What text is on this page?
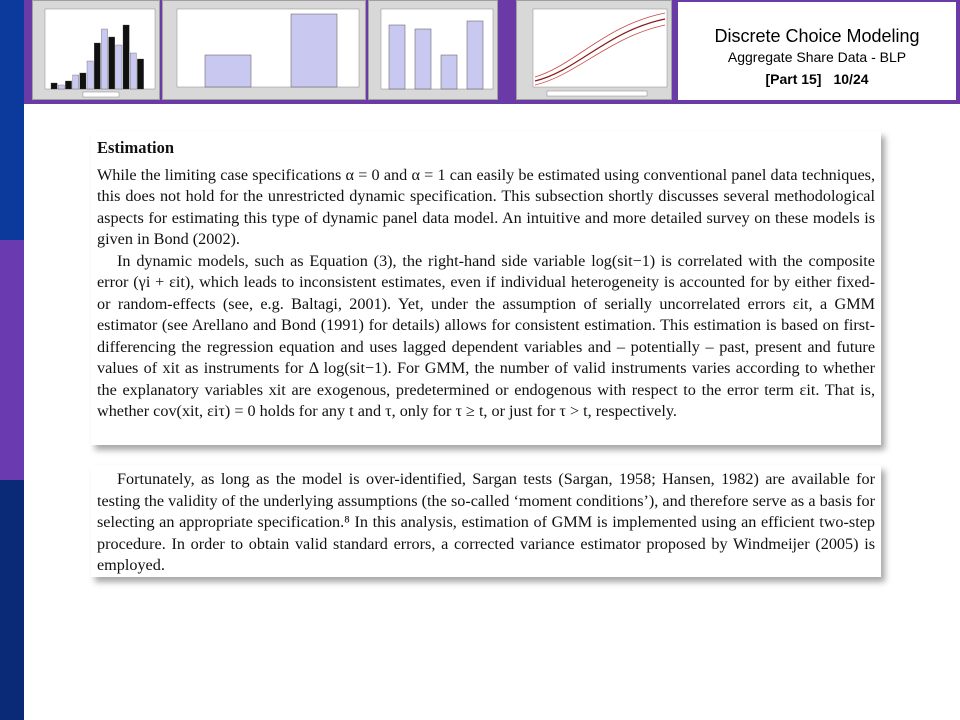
Discrete Choice Modeling
Aggregate Share Data - BLP
[Part 15] 10/24
Estimation

While the limiting case specifications α = 0 and α = 1 can easily be estimated using conventional panel data techniques, this does not hold for the unrestricted dynamic specification. This subsection shortly discusses several methodological aspects for estimating this type of dynamic panel data model. An intuitive and more detailed survey on these models is given in Bond (2002).

In dynamic models, such as Equation (3), the right-hand side variable log(sit−1) is correlated with the composite error (γi + εit), which leads to inconsistent estimates, even if individual heterogeneity is accounted for by either fixed- or random-effects (see, e.g. Baltagi, 2001). Yet, under the assumption of serially uncorrelated errors εit, a GMM estimator (see Arellano and Bond (1991) for details) allows for consistent estimation. This estimation is based on first-differencing the regression equation and uses lagged dependent variables and – potentially – past, present and future values of xit as instruments for Δ log(sit−1). For GMM, the number of valid instruments varies according to whether the explanatory variables xit are exogenous, predetermined or endogenous with respect to the error term εit. That is, whether cov(xit, εiτ) = 0 holds for any t and τ, only for τ ≥ t, or just for τ > t, respectively.

Fortunately, as long as the model is over-identified, Sargan tests (Sargan, 1958; Hansen, 1982) are available for testing the validity of the underlying assumptions (the so-called ‘moment conditions’), and therefore serve as a basis for selecting an appropriate specification.⁸ In this analysis, estimation of GMM is implemented using an efficient two-step procedure. In order to obtain valid standard errors, a corrected variance estimator proposed by Windmeijer (2005) is employed.
